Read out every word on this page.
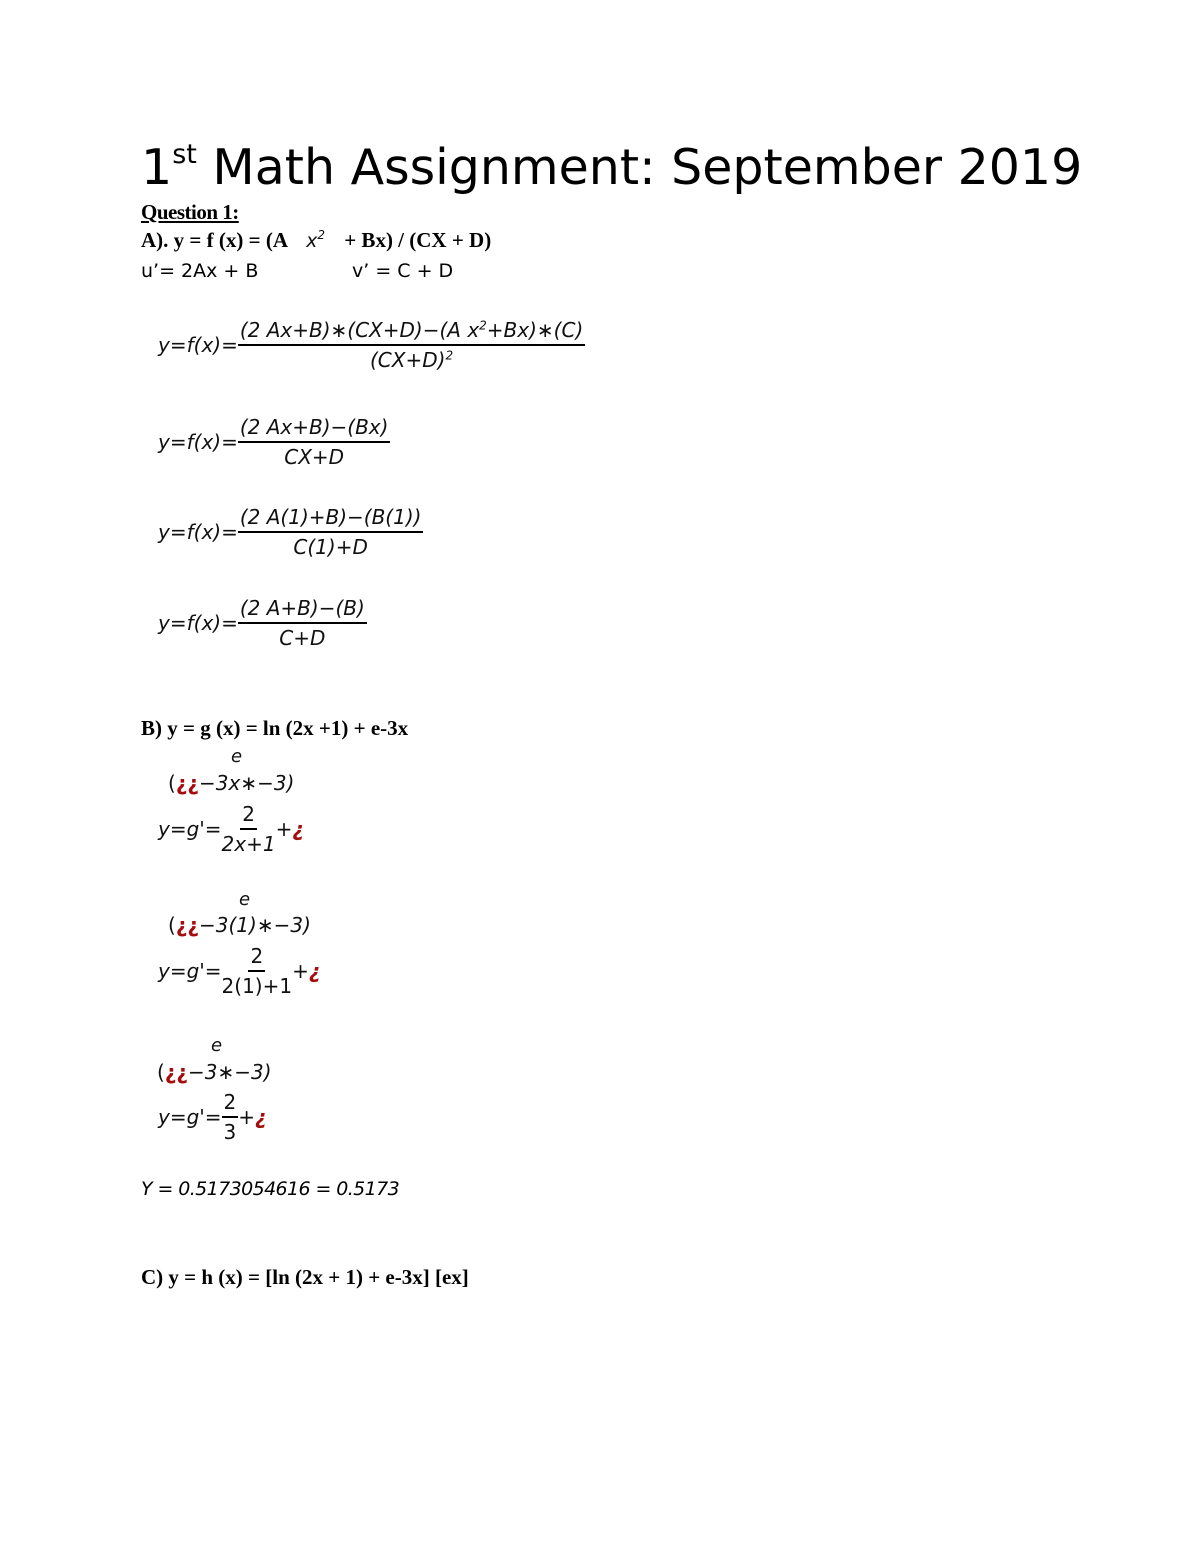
1st Math Assignment: September 2019
Question 1:
A). y = f (x) = (A $x^2 + Bx) / (CX + D)$
u’= 2Ax + B	v’ = C + D
$y=f(x)= \frac{(2 Ax+B)∗(CX+D)-(A x^2+Bx)∗(C)}{(CX+D)^2}$
$y=f(x)= \frac{(2 Ax+B)-(Bx)}{CX+D}$
$y=f(x)= \frac{(2 A(1)+B)-(B(1))}{C(1)+D}$
$y=f(x)= \frac{(2 A+B)-(B)}{C+D}$
B) y = g (x) = ln (2x +1) + e-3x
e
(¿¿−3x∗−3)
$y=g'= \frac{2}{2x+1}$ + ¿
e
(¿¿−3(1)∗−3)
$y=g'= \frac{2}{2(1)+1}$ + ¿
e
(¿¿−3∗−3)
$y=g'= \frac{2}{3}$ + ¿
Y = 0.5173054616 = 0.5173
C) y = h (x) = [ln (2x + 1) + e-3x] [ex]
